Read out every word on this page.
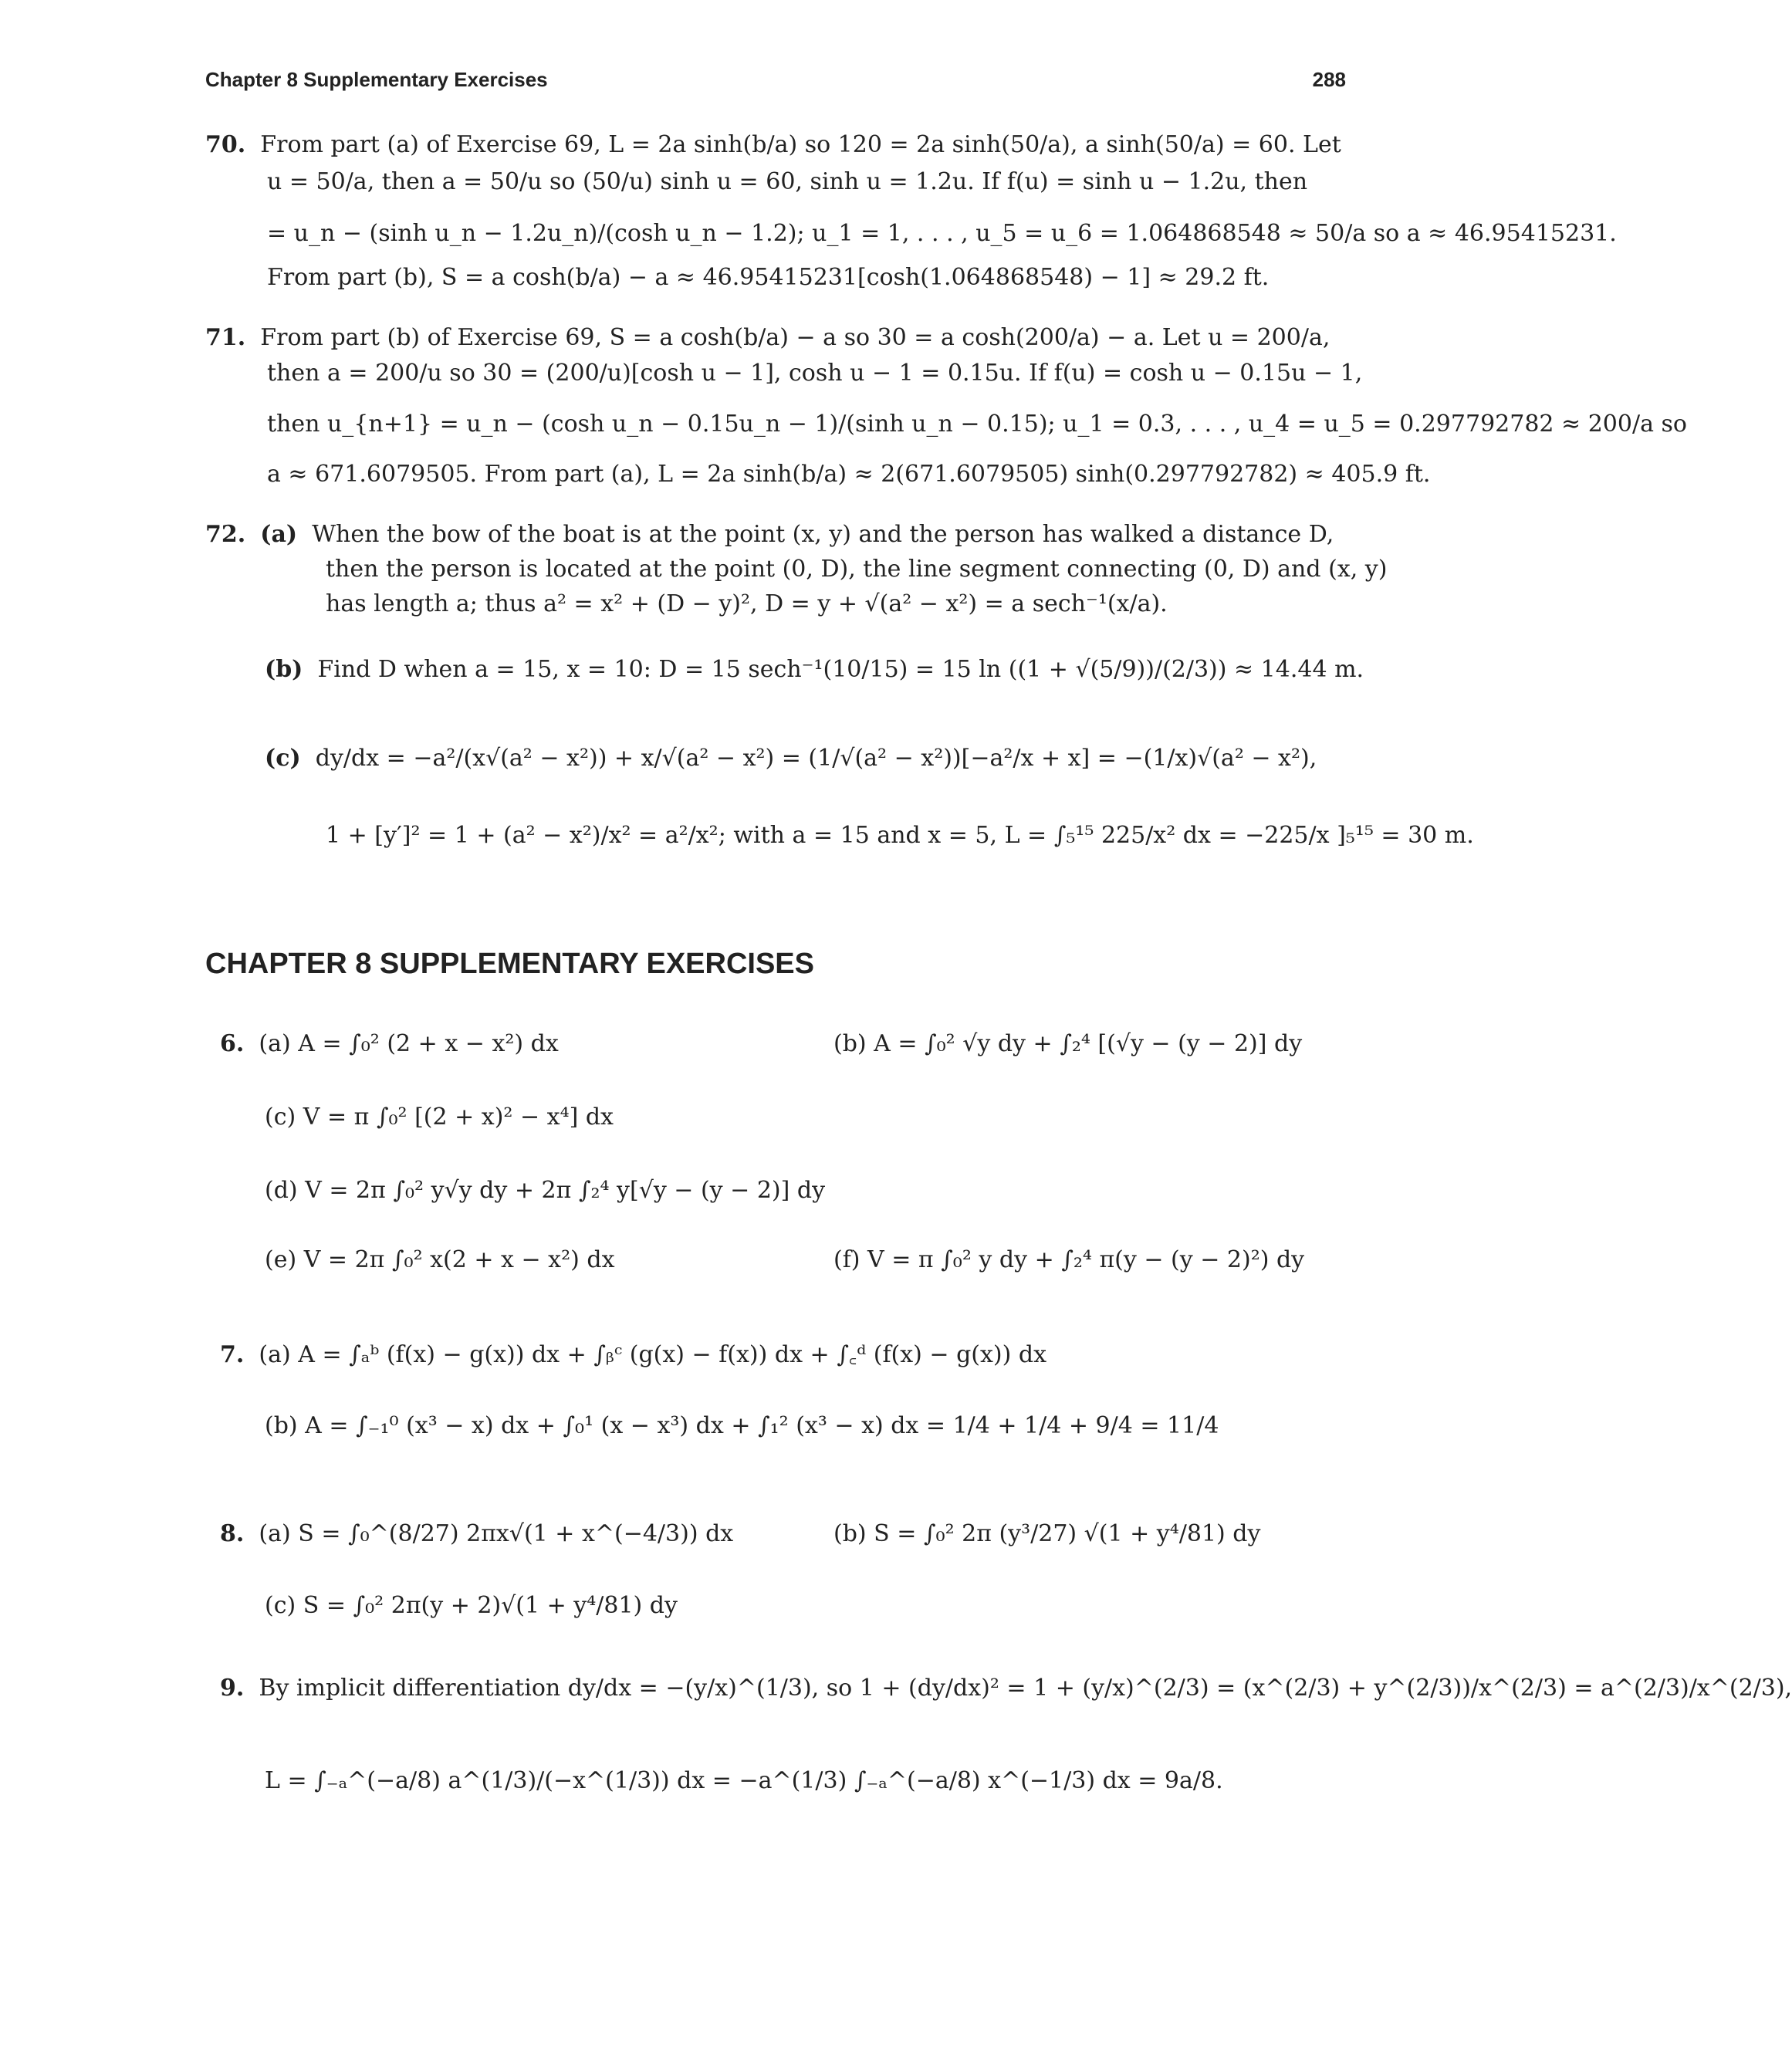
Chapter 8 Supplementary Exercises	288
70. From part (a) of Exercise 69, L = 2a sinh(b/a) so 120 = 2a sinh(50/a), a sinh(50/a) = 60. Let
u = 50/a, then a = 50/u so (50/u) sinh u = 60, sinh u = 1.2u. If f(u) = sinh u − 1.2u, then
= u_n − (sinh u_n − 1.2u_n)/(cosh u_n − 1.2); u_1 = 1, . . . , u_5 = u_6 = 1.064868548 ≈ 50/a so a ≈ 46.95415231.
From part (b), S = a cosh(b/a) − a ≈ 46.95415231[cosh(1.064868548) − 1] ≈ 29.2 ft.
71. From part (b) of Exercise 69, S = a cosh(b/a) − a so 30 = a cosh(200/a) − a. Let u = 200/a,
then a = 200/u so 30 = (200/u)[cosh u − 1], cosh u − 1 = 0.15u. If f(u) = cosh u − 0.15u − 1,
then u_{n+1} = u_n − (cosh u_n − 0.15u_n − 1)/(sinh u_n − 0.15); u_1 = 0.3, . . . , u_4 = u_5 = 0.297792782 ≈ 200/a so
a ≈ 671.6079505. From part (a), L = 2a sinh(b/a) ≈ 2(671.6079505) sinh(0.297792782) ≈ 405.9 ft.
72. (a) When the bow of the boat is at the point (x, y) and the person has walked a distance D,
then the person is located at the point (0, D), the line segment connecting (0, D) and (x, y)
has length a; thus a² = x² + (D − y)², D = y + √(a² − x²) = a sech⁻¹(x/a).
(b) Find D when a = 15, x = 10: D = 15 sech⁻¹(10/15) = 15 ln ((1 + √(5/9))/(2/3)) ≈ 14.44 m.
(c) dy/dx = −a²/(x√(a² − x²)) + x/√(a² − x²) = (1/√(a² − x²))[−a²/x + x] = −(1/x)√(a² − x²),
1 + [y′]² = 1 + (a² − x²)/x² = a²/x²; with a = 15 and x = 5, L = ∫₅¹⁵ 225/x² dx = −225/x ]₅¹⁵ = 30 m.
CHAPTER 8 SUPPLEMENTARY EXERCISES
6. (a) A = ∫₀² (2 + x − x²) dx	(b) A = ∫₀² √y dy + ∫₂⁴ [(√y − (y − 2)] dy
(c) V = π ∫₀² [(2 + x)² − x⁴] dx
(d) V = 2π ∫₀² y√y dy + 2π ∫₂⁴ y[√y − (y − 2)] dy
(e) V = 2π ∫₀² x(2 + x − x²) dx	(f) V = π ∫₀² y dy + ∫₂⁴ π(y − (y − 2)²) dy
7. (a) A = ∫ₐᵇ (f(x) − g(x)) dx + ∫ᵦᶜ (g(x) − f(x)) dx + ∫꜀ᵈ (f(x) − g(x)) dx
(b) A = ∫₋₁⁰ (x³ − x) dx + ∫₀¹ (x − x³) dx + ∫₁² (x³ − x) dx = 1/4 + 1/4 + 9/4 = 11/4
8. (a) S = ∫₀^(8/27) 2πx√(1 + x^(−4/3)) dx	(b) S = ∫₀² 2π (y³/27) √(1 + y⁴/81) dy
(c) S = ∫₀² 2π(y + 2)√(1 + y⁴/81) dy
9. By implicit differentiation dy/dx = −(y/x)^(1/3), so 1 + (dy/dx)² = 1 + (y/x)^(2/3) = (x^(2/3) + y^(2/3))/x^(2/3) = a^(2/3)/x^(2/3),
L = ∫₋ₐ^(−a/8) a^(1/3)/(−x^(1/3)) dx = −a^(1/3) ∫₋ₐ^(−a/8) x^(−1/3) dx = 9a/8.
